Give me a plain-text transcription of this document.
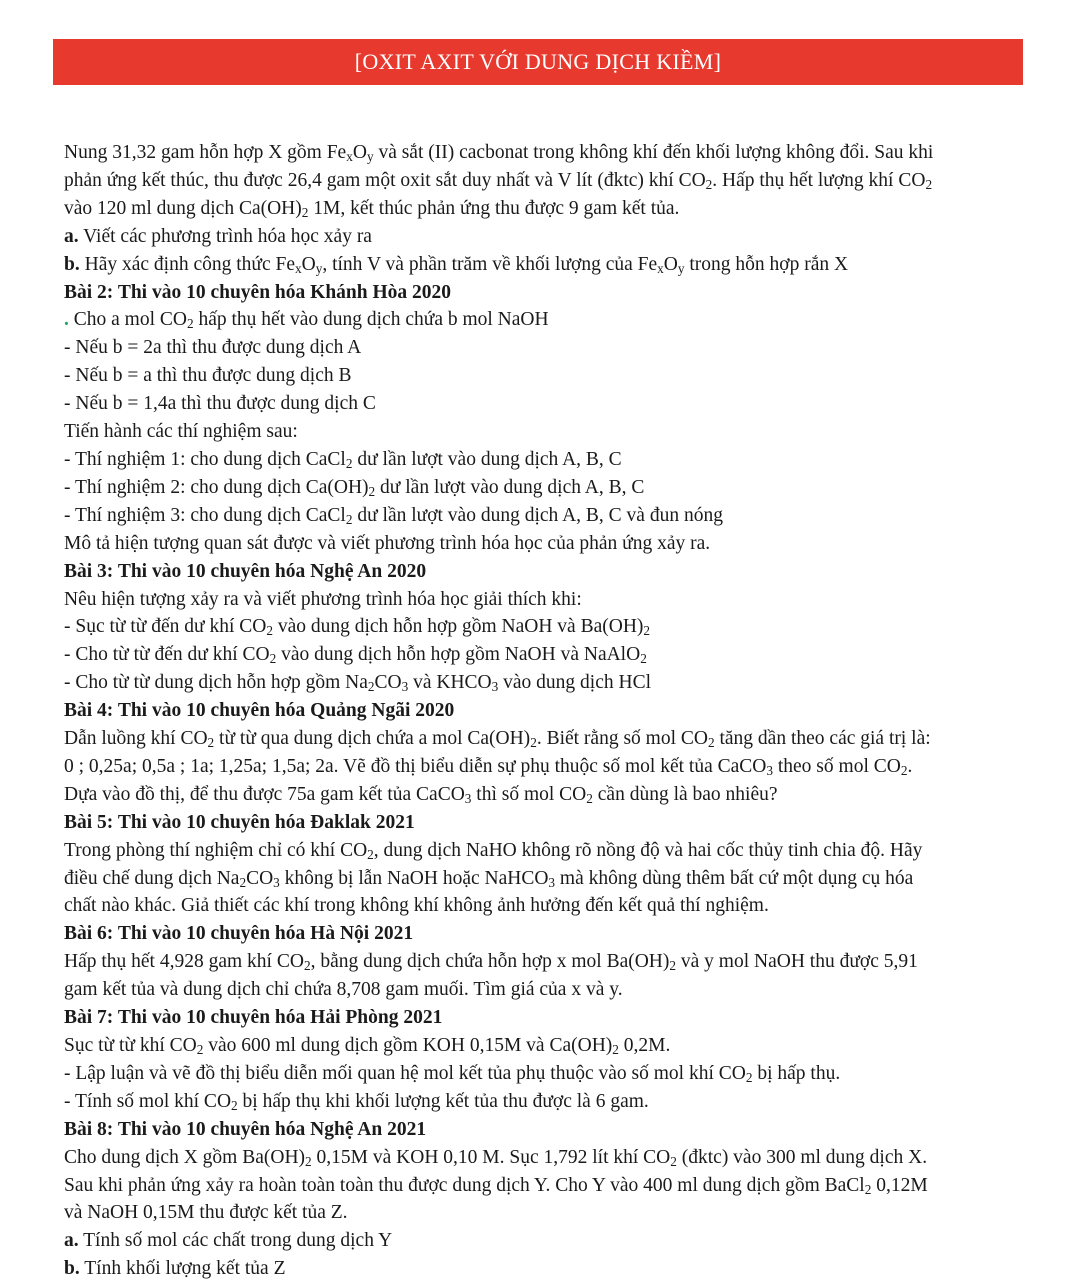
[OXIT AXIT VỚI DUNG DỊCH KIỀM]
Nung 31,32 gam hỗn hợp X gồm $Fe_xO_y$ và sắt (II) cacbonat trong không khí đến khối lượng không đổi. Sau khi
phản ứng kết thúc, thu được 26,4 gam một oxit sắt duy nhất và V lít (đktc) khí $CO_2$. Hấp thụ hết lượng khí $CO_2$
vào 120 ml dung dịch $Ca(OH)_2$ 1M, kết thúc phản ứng thu được 9 gam kết tủa.
a. Viết các phương trình hóa học xảy ra
b. Hãy xác định công thức $Fe_xO_y$, tính V và phần trăm về khối lượng của $Fe_xO_y$ trong hỗn hợp rắn X
Bài 2: Thi vào 10 chuyên hóa Khánh Hòa 2020
. Cho a mol $CO_2$ hấp thụ hết vào dung dịch chứa b mol NaOH
- Nếu b = 2a thì thu được dung dịch A
- Nếu b = a thì thu được dung dịch B
- Nếu b = 1,4a thì thu được dung dịch C
Tiến hành các thí nghiệm sau:
- Thí nghiệm 1: cho dung dịch CaCl$_2$ dư lần lượt vào dung dịch A, B, C
- Thí nghiệm 2: cho dung dịch $Ca(OH)_2$ dư lần lượt vào dung dịch A, B, C
- Thí nghiệm 3: cho dung dịch CaCl$_2$ dư lần lượt vào dung dịch A, B, C và đun nóng
Mô tả hiện tượng quan sát được và viết phương trình hóa học của phản ứng xảy ra.
Bài 3: Thi vào 10 chuyên hóa Nghệ An 2020
Nêu hiện tượng xảy ra và viết phương trình hóa học giải thích khi:
- Sục từ từ đến dư khí $CO_2$ vào dung dịch hỗn hợp gồm NaOH và $Ba(OH)_2$
- Cho từ từ đến dư khí $CO_2$ vào dung dịch hỗn hợp gồm NaOH và NaAlO$_2$
- Cho từ từ dung dịch hỗn hợp gồm $Na_2CO_3$ và $KHCO_3$ vào dung dịch HCl
Bài 4: Thi vào 10 chuyên hóa Quảng Ngãi 2020
Dẫn luồng khí $CO_2$ từ từ qua dung dịch chứa a mol $Ca(OH)_2$. Biết rằng số mol $CO_2$ tăng dần theo các giá trị là:
0 ; 0,25a; 0,5a ; 1a; 1,25a; 1,5a; 2a. Vẽ đồ thị biểu diễn sự phụ thuộc số mol kết tủa CaCO$_3$ theo số mol $CO_2$.
Dựa vào đồ thị, để thu được 75a gam kết tủa CaCO$_3$ thì số mol $CO_2$ cần dùng là bao nhiêu?
Bài 5: Thi vào 10 chuyên hóa Đaklak 2021
Trong phòng thí nghiệm chỉ có khí $CO_2$, dung dịch NaHO không rõ nồng độ và hai cốc thủy tinh chia độ. Hãy
điều chế dung dịch $Na_2CO_3$ không bị lẫn NaOH hoặc NaHCO$_3$ mà không dùng thêm bất cứ một dụng cụ hóa
chất nào khác. Giả thiết các khí trong không khí không ảnh hưởng đến kết quả thí nghiệm.
Bài 6: Thi vào 10 chuyên hóa Hà Nội 2021
Hấp thụ hết 4,928 gam khí $CO_2$, bằng dung dịch chứa hỗn hợp x mol $Ba(OH)_2$ và y mol NaOH thu được 5,91
gam kết tủa và dung dịch chỉ chứa 8,708 gam muối. Tìm giá của x và y.
Bài 7: Thi vào 10 chuyên hóa Hải Phòng 2021
Sục từ từ khí $CO_2$ vào 600 ml dung dịch gồm KOH 0,15M và $Ca(OH)_2$ 0,2M.
- Lập luận và vẽ đồ thị biểu diễn mối quan hệ mol kết tủa phụ thuộc vào số mol khí $CO_2$ bị hấp thụ.
- Tính số mol khí $CO_2$ bị hấp thụ khi khối lượng kết tủa thu được là 6 gam.
Bài 8: Thi vào 10 chuyên hóa Nghệ An 2021
Cho dung dịch X gồm $Ba(OH)_2$ 0,15M và KOH 0,10 M. Sục 1,792 lít khí $CO_2$ (đktc) vào 300 ml dung dịch X.
Sau khi phản ứng xảy ra hoàn toàn toàn thu được dung dịch Y. Cho Y vào 400 ml dung dịch gồm BaCl$_2$ 0,12M
và NaOH 0,15M thu được kết tủa Z.
a. Tính số mol các chất trong dung dịch Y
b. Tính khối lượng kết tủa Z
